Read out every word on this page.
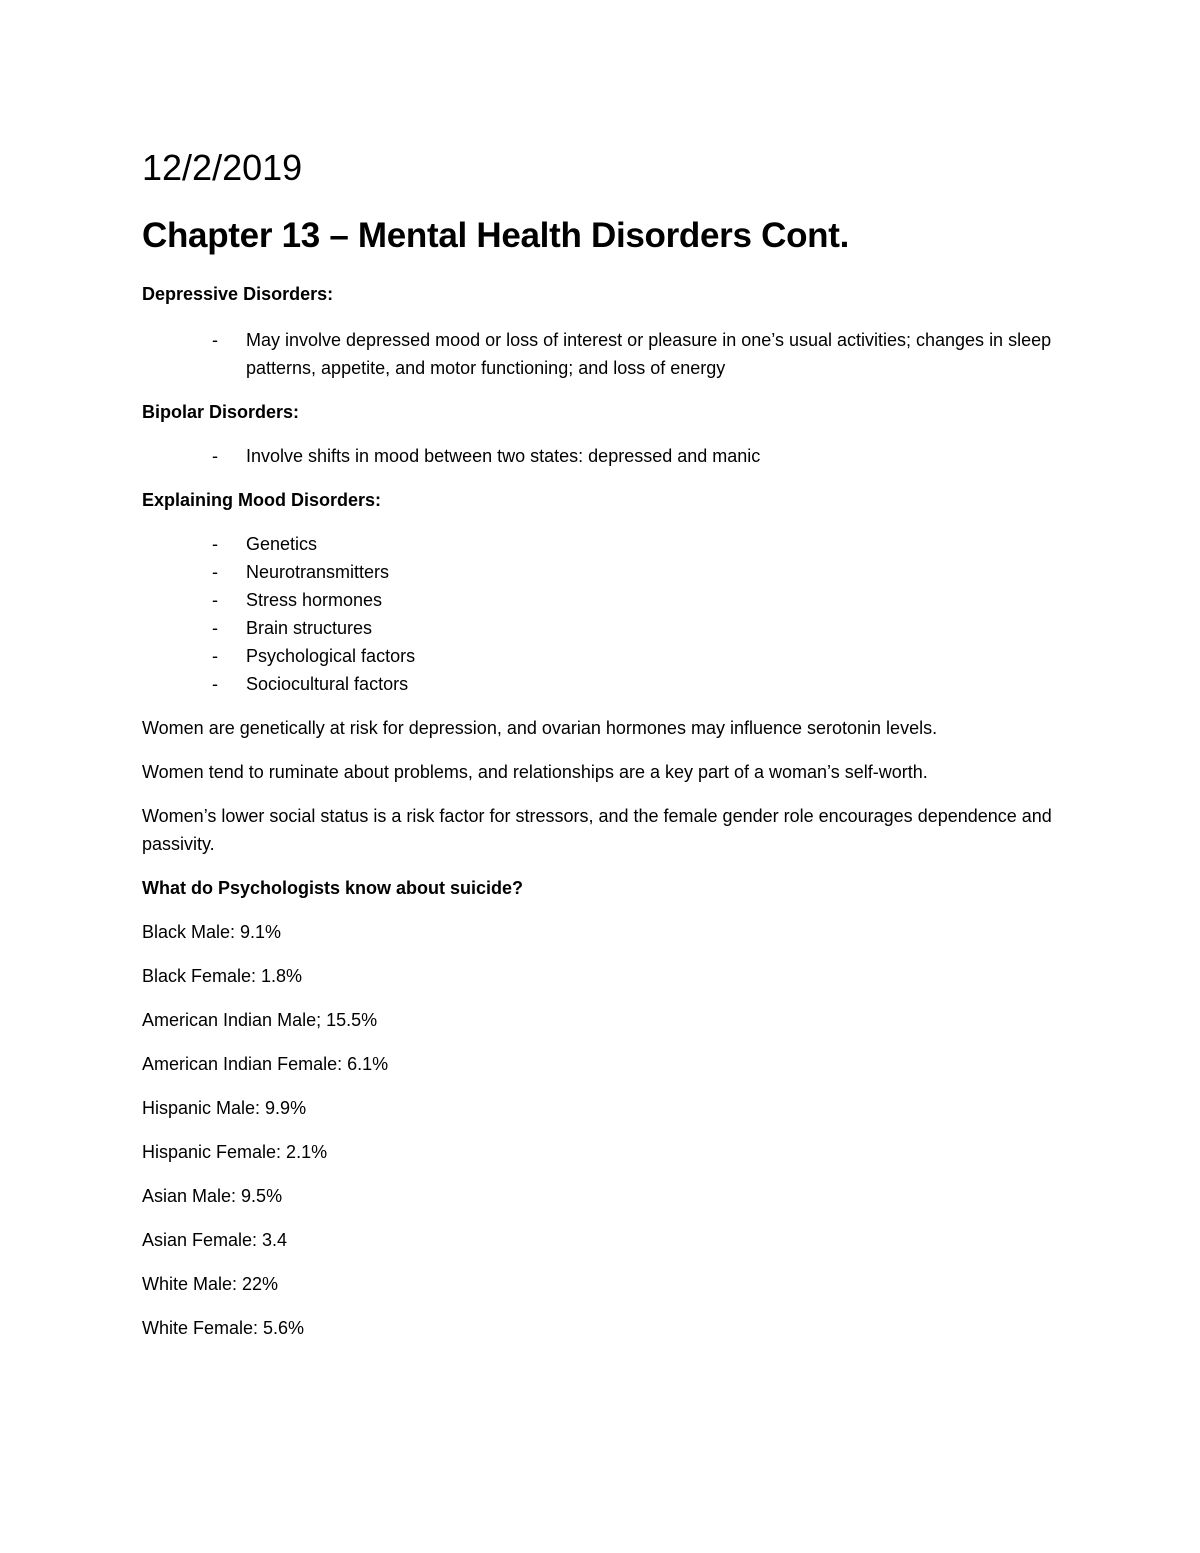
12/2/2019
Chapter 13 – Mental Health Disorders Cont.

Depressive Disorders:

- May involve depressed mood or loss of interest or pleasure in one’s usual activities; changes in sleep patterns, appetite, and motor functioning; and loss of energy

Bipolar Disorders:

- Involve shifts in mood between two states: depressed and manic

Explaining Mood Disorders:

- Genetics
- Neurotransmitters
- Stress hormones
- Brain structures
- Psychological factors
- Sociocultural factors

Women are genetically at risk for depression, and ovarian hormones may influence serotonin levels.

Women tend to ruminate about problems, and relationships are a key part of a woman’s self-worth.

Women’s lower social status is a risk factor for stressors, and the female gender role encourages dependence and passivity.

What do Psychologists know about suicide?

Black Male: 9.1%

Black Female: 1.8%

American Indian Male; 15.5%

American Indian Female: 6.1%

Hispanic Male: 9.9%

Hispanic Female: 2.1%

Asian Male: 9.5%

Asian Female: 3.4

White Male: 22%

White Female: 5.6%
